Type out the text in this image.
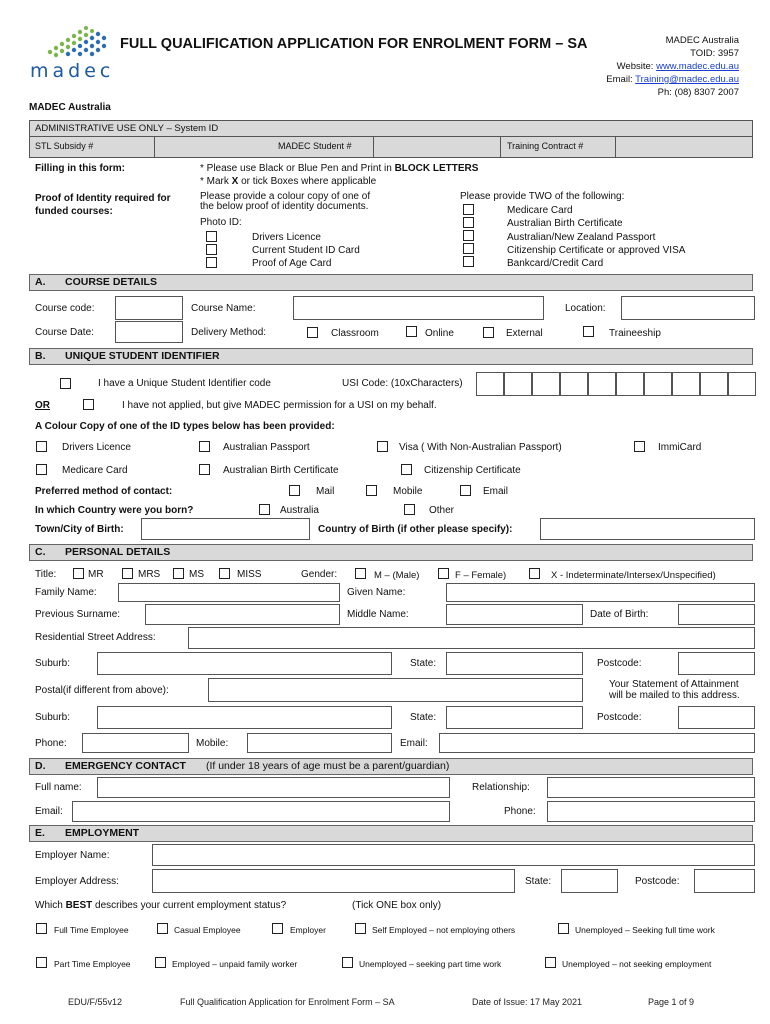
madec
FULL QUALIFICATION APPLICATION FOR ENROLMENT FORM – SA	MADEC Australia
TOID: 3957
Website: www.madec.edu.au
Email: Training@madec.edu.au
Ph: (08) 8307 2007
MADEC Australia
ADMINISTRATIVE USE ONLY – System ID
STL Subsidy #	MADEC Student #	Training Contract #
Filling in this form:	* Please use Black or Blue Pen and Print in BLOCK LETTERS
* Mark X or tick Boxes where applicable
Proof of Identity required for
funded courses:
Please provide a colour copy of one of
the below proof of identity documents.
Photo ID:
Drivers Licence
Current Student ID Card
Proof of Age Card
Please provide TWO of the following:
Medicare Card
Australian Birth Certificate
Australian/New Zealand Passport
Citizenship Certificate or approved VISA
Bankcard/Credit Card
A. COURSE DETAILS
Course code:	Course Name:	Location:
Course Date:	Delivery Method:	Classroom	Online	External	Traineeship
B. UNIQUE STUDENT IDENTIFIER
I have a Unique Student Identifier code	USI Code: (10xCharacters)
OR	I have not applied, but give MADEC permission for a USI on my behalf.
A Colour Copy of one of the ID types below has been provided:
Drivers Licence	Australian Passport	Visa ( With Non-Australian Passport)	ImmiCard
Medicare Card	Australian Birth Certificate	Citizenship Certificate
Preferred method of contact:	Mail	Mobile	Email
In which Country were you born?	Australia	Other
Town/City of Birth:	Country of Birth (if other please specify):
C. PERSONAL DETAILS
Title:	MR	MRS	MS	MISS	Gender:	M – (Male)	F – Female)	X - Indeterminate/Intersex/Unspecified)
Family Name:	Given Name:
Previous Surname:	Middle Name:	Date of Birth:
Residential Street Address:
Suburb:	State:	Postcode:
Postal(if different from above):
Your Statement of Attainment
will be mailed to this address.
Suburb:	State:	Postcode:
Phone:	Mobile:	Email:
D. EMERGENCY CONTACT (If under 18 years of age must be a parent/guardian)
Full name:	Relationship:
Email:	Phone:
E. EMPLOYMENT
Employer Name:
Employer Address:	State:	Postcode:
Which BEST describes your current employment status?	(Tick ONE box only)
Full Time Employee	Casual Employee	Employer	Self Employed – not employing others	Unemployed – Seeking full time work
Part Time Employee	Employed – unpaid family worker	Unemployed – seeking part time work	Unemployed – not seeking employment
EDU/F/55v12	Full Qualification Application for Enrolment Form – SA	Date of Issue: 17 May 2021	Page 1 of 9
